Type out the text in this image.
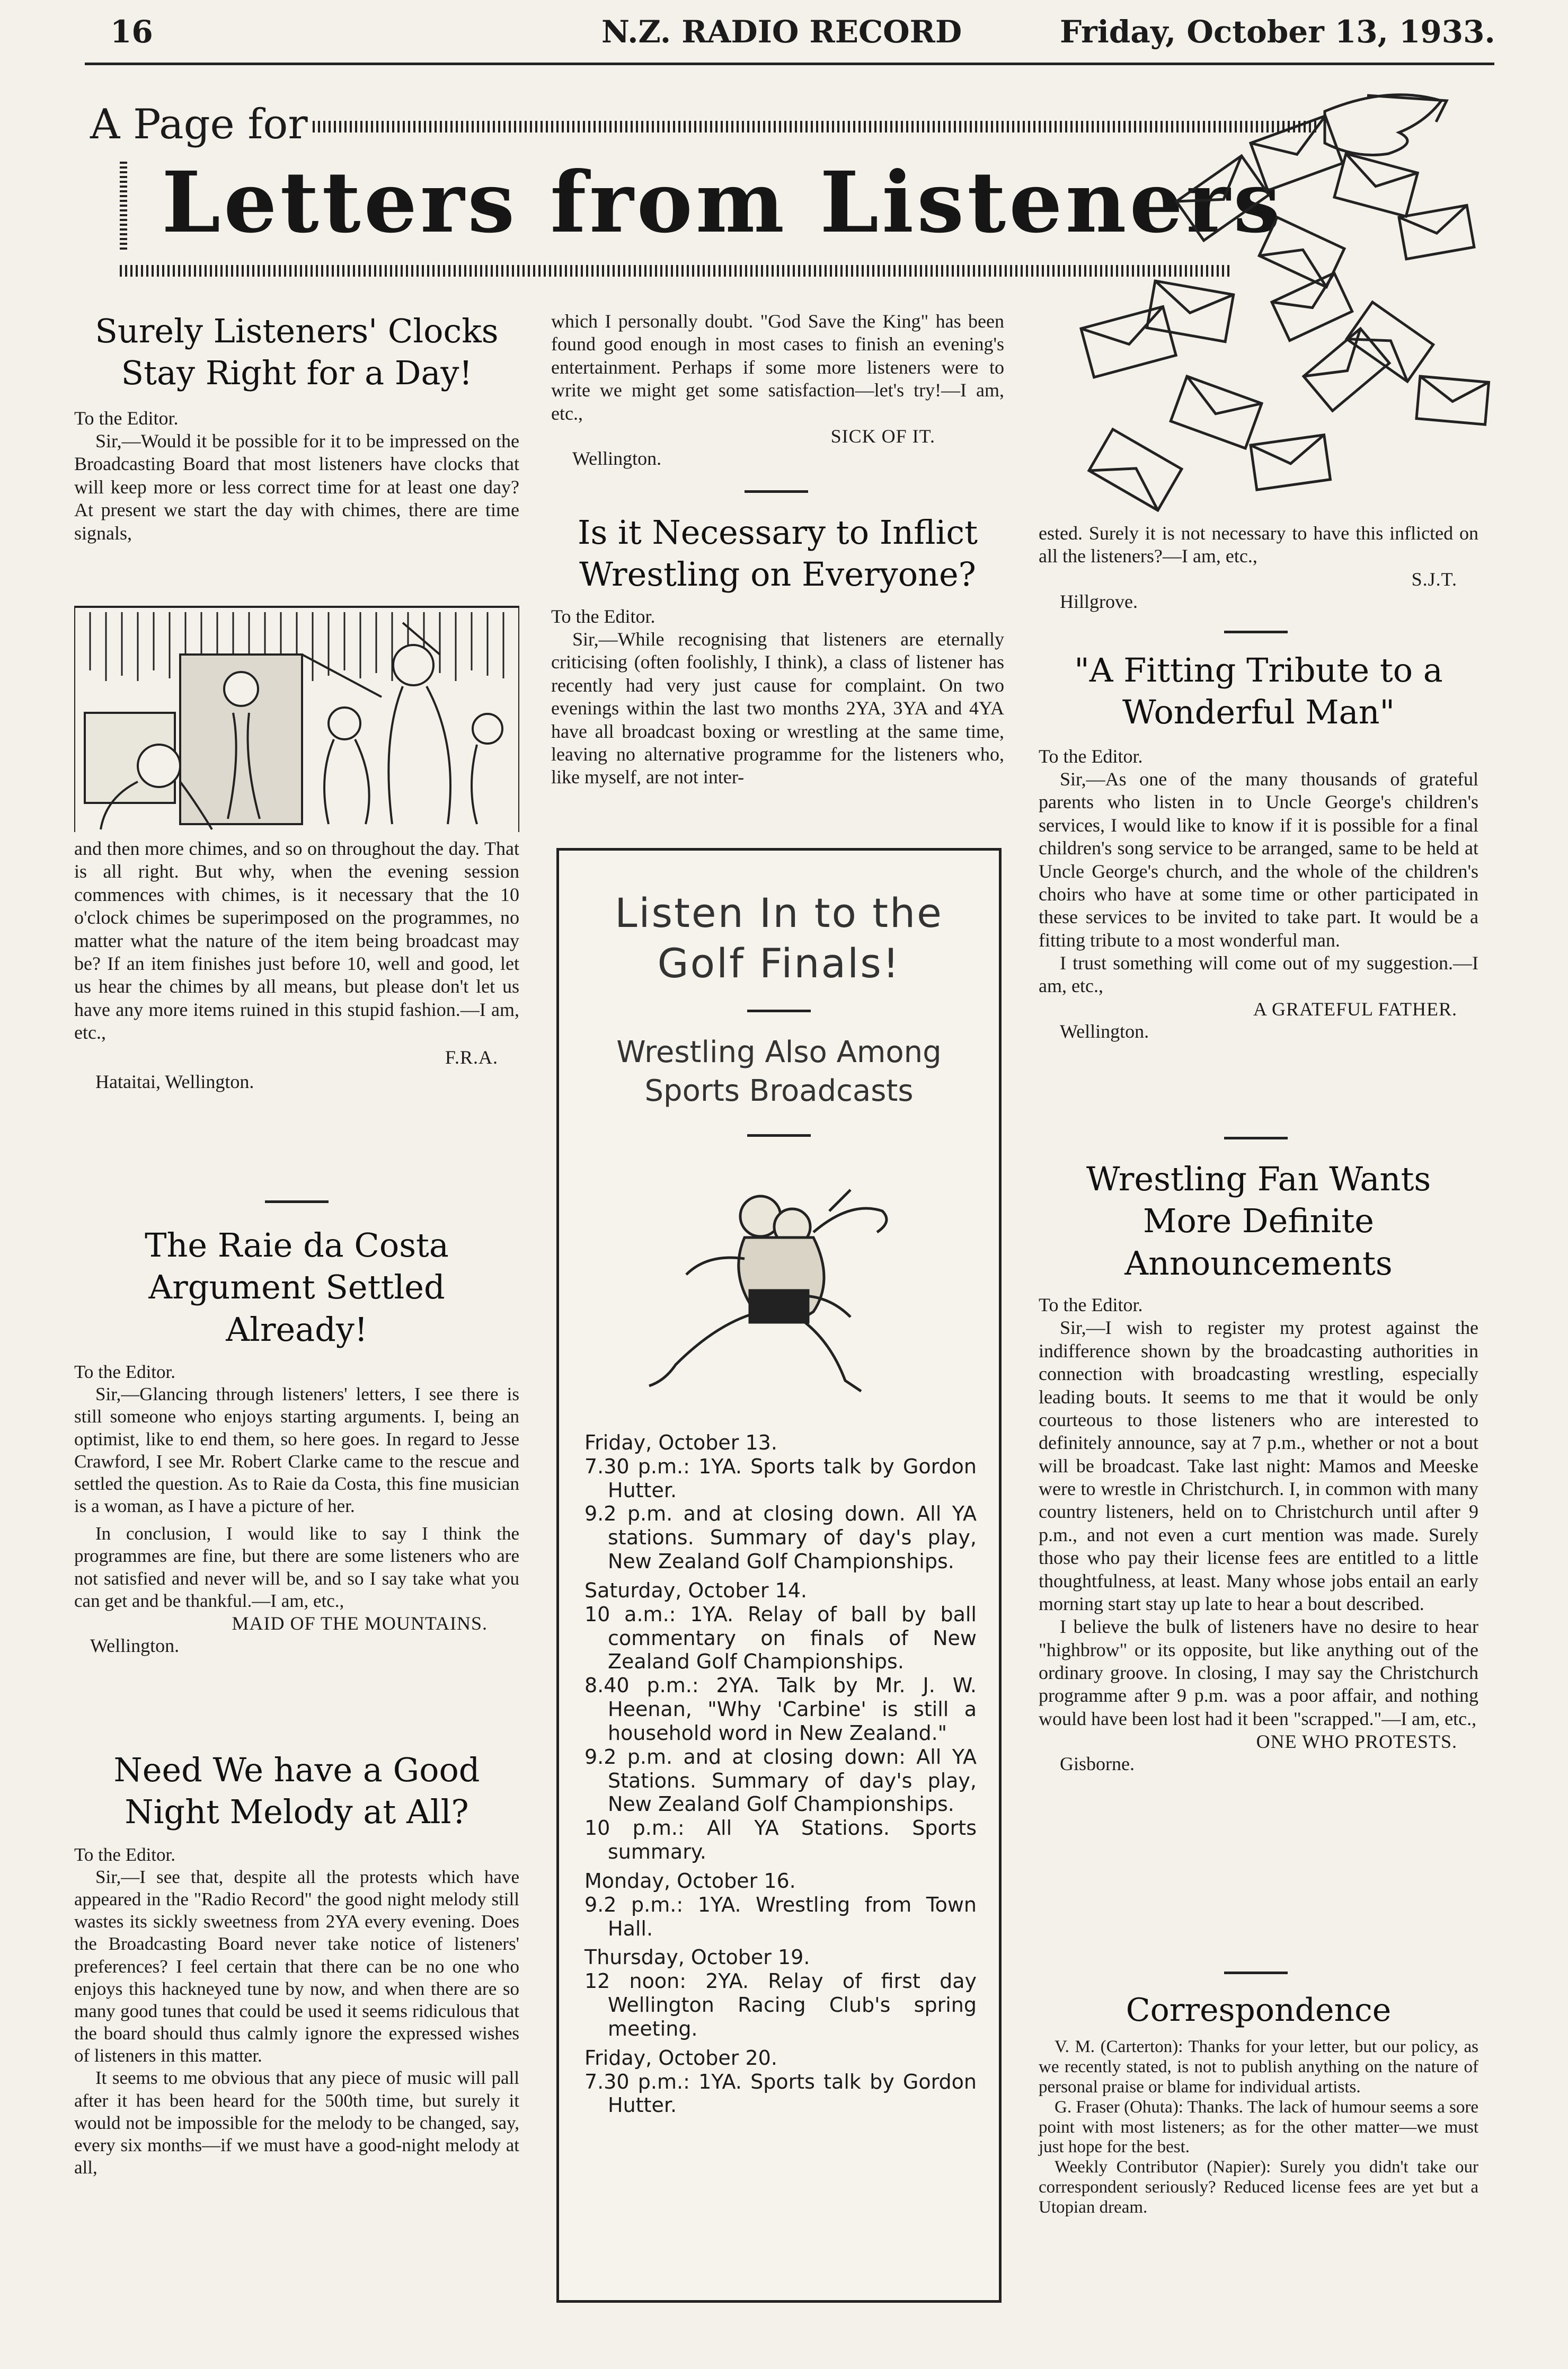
16	N.Z. RADIO RECORD	Friday, October 13, 1933.
A Page for
Letters from Listeners
Surely Listeners' Clocks Stay Right for a Day!

To the Editor.

Sir,—Would it be possible for it to be impressed on the Broadcasting Board that most listeners have clocks that will keep more or less correct time for at least one day? At present we start the day with chimes, there are time signals,

and then more chimes, and so on throughout the day. That is all right. But why, when the evening session commences with chimes, is it necessary that the 10 o'clock chimes be superimposed on the programmes, no matter what the nature of the item being broadcast may be? If an item finishes just before 10, well and good, let us hear the chimes by all means, but please don't let us have any more items ruined in this stupid fashion.—I am, etc.,

F.R.A.
Hataitai, Wellington.
The Raie da Costa Argument Settled Already!

To the Editor.

Sir,—Glancing through listeners' letters, I see there is still someone who enjoys starting arguments. I, being an optimist, like to end them, so here goes. In regard to Jesse Crawford, I see Mr. Robert Clarke came to the rescue and settled the question. As to Raie da Costa, this fine musician is a woman, as I have a picture of her.

In conclusion, I would like to say I think the programmes are fine, but there are some listeners who are not satisfied and never will be, and so I say take what you can get and be thankful.—I am, etc.,

MAID OF THE MOUNTAINS.
Wellington.
Need We have a Good Night Melody at All?

To the Editor.

Sir,—I see that, despite all the protests which have appeared in the "Radio Record" the good night melody still wastes its sickly sweetness from 2YA every evening. Does the Broadcasting Board never take notice of listeners' preferences? I feel certain that there can be no one who enjoys this hackneyed tune by now, and when there are so many good tunes that could be used it seems ridiculous that the board should thus calmly ignore the expressed wishes of listeners in this matter.

It seems to me obvious that any piece of music will pall after it has been heard for the 500th time, but surely it would not be impossible for the melody to be changed, say, every six months—if we must have a good-night melody at all,

which I personally doubt. "God Save the King" has been found good enough in most cases to finish an evening's entertainment. Perhaps if some more listeners were to write we might get some satisfaction—let's try!—I am, etc.,

SICK OF IT.
Wellington.
Is it Necessary to Inflict Wrestling on Everyone?

To the Editor.

Sir,—While recognising that listeners are eternally criticising (often foolishly, I think), a class of listener has recently had very just cause for complaint. On two evenings within the last two months 2YA, 3YA and 4YA have all broadcast boxing or wrestling at the same time, leaving no alternative programme for the listeners who, like myself, are not inter-

Listen In to the Golf Finals!
Wrestling Also Among Sports Broadcasts
Friday, October 13.
7.30 p.m.: 1YA. Sports talk by Gordon Hutter.
9.2 p.m. and at closing down. All YA stations. Summary of day's play, New Zealand Golf Championships.
Saturday, October 14.
10 a.m.: 1YA. Relay of ball by ball commentary on finals of New Zealand Golf Championships.
8.40 p.m.: 2YA. Talk by Mr. J. W. Heenan, "Why 'Carbine' is still a household word in New Zealand."
9.2 p.m. and at closing down: All YA Stations. Summary of day's play, New Zealand Golf Championships.
10 p.m.: All YA Stations. Sports summary.
Monday, October 16.
9.2 p.m.: 1YA. Wrestling from Town Hall.
Thursday, October 19.
12 noon: 2YA. Relay of first day Wellington Racing Club's spring meeting.
Friday, October 20.
7.30 p.m.: 1YA. Sports talk by Gordon Hutter.

ested. Surely it is not necessary to have this inflicted on all the listeners?—I am, etc.,

S.J.T.
Hillgrove.
"A Fitting Tribute to a Wonderful Man"

To the Editor.

Sir,—As one of the many thousands of grateful parents who listen in to Uncle George's children's services, I would like to know if it is possible for a final children's song service to be arranged, same to be held at Uncle George's church, and the whole of the children's choirs who have at some time or other participated in these services to be invited to take part. It would be a fitting tribute to a most wonderful man.

I trust something will come out of my suggestion.—I am, etc.,

A GRATEFUL FATHER.
Wellington.
Wrestling Fan Wants More Definite Announcements

To the Editor.

Sir,—I wish to register my protest against the indifference shown by the broadcasting authorities in connection with broadcasting wrestling, especially leading bouts. It seems to me that it would be only courteous to those listeners who are interested to definitely announce, say at 7 p.m., whether or not a bout will be broadcast. Take last night: Mamos and Meeske were to wrestle in Christchurch. I, in common with many country listeners, held on to Christchurch until after 9 p.m., and not even a curt mention was made. Surely those who pay their license fees are entitled to a little thoughtfulness, at least. Many whose jobs entail an early morning start stay up late to hear a bout described.

I believe the bulk of listeners have no desire to hear "highbrow" or its opposite, but like anything out of the ordinary groove. In closing, I may say the Christchurch programme after 9 p.m. was a poor affair, and nothing would have been lost had it been "scrapped."—I am, etc.,

ONE WHO PROTESTS.
Gisborne.
Correspondence

V. M. (Carterton): Thanks for your letter, but our policy, as we recently stated, is not to publish anything on the nature of personal praise or blame for individual artists.

G. Fraser (Ohuta): Thanks. The lack of humour seems a sore point with most listeners; as for the other matter—we must just hope for the best.

Weekly Contributor (Napier): Surely you didn't take our correspondent seriously? Reduced license fees are yet but a Utopian dream.
